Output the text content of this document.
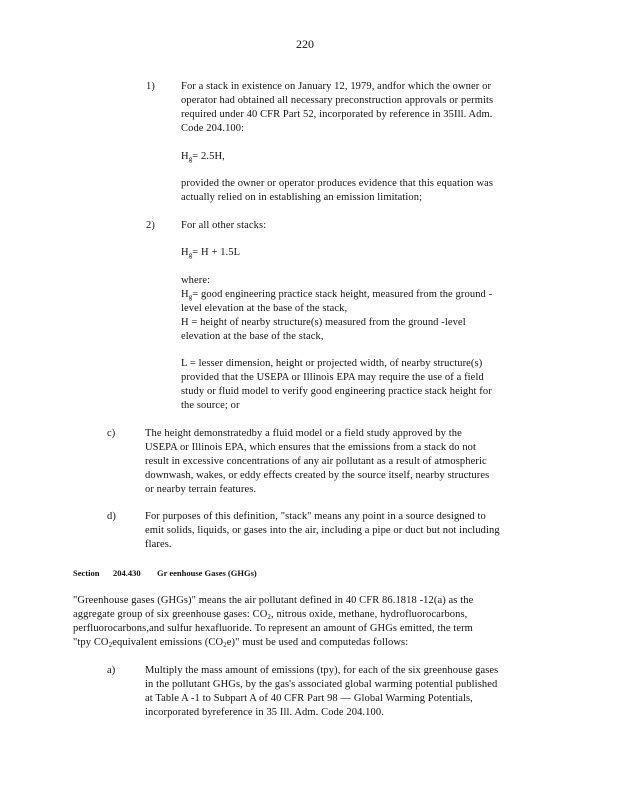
220
1) For a stack in existence on January 12, 1979, andfor which the owner or
operator had obtained all necessary preconstruction approvals or permits
required under 40 CFR Part 52, incorporated by reference in 35Ill. Adm.
Code 204.100:
$H_g= 2.5H$,
provided the owner or operator produces evidence that this equation was
actually relied on in establishing an emission limitation;
2) For all other stacks:
$H_g= H + 1.5L$
where:
$H_g=$ good engineering practice stack height, measured from the ground -
level elevation at the base of the stack,
H = height of nearby structure(s) measured from the ground -level
elevation at the base of the stack,
L = lesser dimension, height or projected width, of nearby structure(s)
provided that the USEPA or Illinois EPA may require the use of a field
study or fluid model to verify good engineering practice stack height for
the source; or
c)	The height demonstratedby a fluid model or a field study approved by the
USEPA or Illinois EPA, which ensures that the emissions from a stack do not
result in excessive concentrations of any air pollutant as a result of atmospheric
downwash, wakes, or eddy effects created by the source itself, nearby structures
or nearby terrain features.
d)	For purposes of this definition, "stack" means any point in a source designed to
emit solids, liquids, or gases into the air, including a pipe or duct but not including
flares.
Section 204.430 Gr eenhouse Gases (GHGs)
"Greenhouse gases (GHGs)" means the air pollutant defined in 40 CFR 86.1818 -12(a) as the
aggregate group of six greenhouse gases: $CO_2$, nitrous oxide, methane, hydrofluorocarbons,
perfluorocarbons,and sulfur hexafluoride. To represent an amount of GHGs emitted, the term
"tpy $CO_2equivalent$ emissions $(CO_2e)$" must be used and computedas follows:
a)	Multiply the mass amount of emissions (tpy), for each of the six greenhouse gases
in the pollutant GHGs, by the gas's associated global warming potential published
at Table A -1 to Subpart A of 40 CFR Part 98 — Global Warming Potentials,
incorporated byreference in 35 Ill. Adm. Code 204.100.
